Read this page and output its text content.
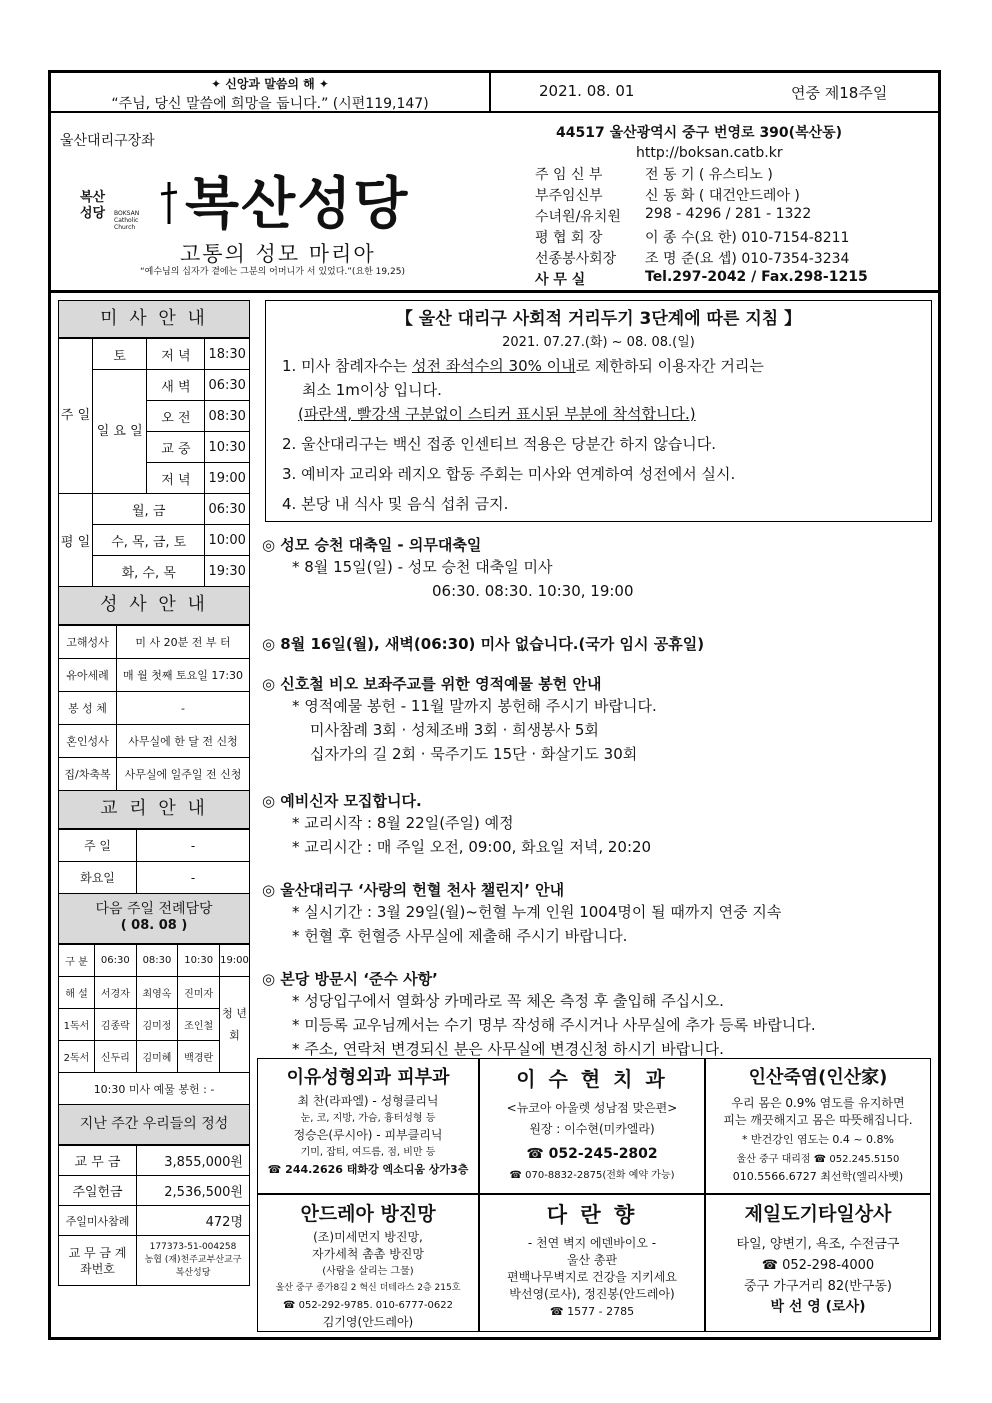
✦ 신앙과 말씀의 해 ✦
“주님, 당신 말씀에 희망을 둡니다.” (시편119,147)
2021. 08. 01	연중 제18주일
울산대리구장좌
복산
성당 BOKSAN Catholic Church 복산성당
고통의 성모 마리아
“예수님의 십자가 곁에는 그분의 어머니가 서 있었다.”(요한 19,25)
44517 울산광역시 중구 번영로 390(복산동)
http://boksan.catb.kr
주 임 신 부	전 동 기 ( 유스티노 )
부주임신부	신 동 화 ( 대건안드레아 )
수녀원/유치원	298 - 4296 / 281 - 1322
평 협 회 장	이 종 수(요 한) 010-7154-8211
선종봉사회장	조 명 준(요 셉) 010-7354-3234
사 무 실	Tel.297-2042 / Fax.298-1215
미 사 안 내
주 일	토	저 녁	18:30
	일 요 일	새 벽	06:30
		오 전	08:30
		교 중	10:30
		저 녁	19:00
평 일	월, 금		06:30
	수, 목, 금, 토		10:00
	화, 수, 목		19:30
성 사 안 내
고해성사	미 사 20분 전 부 터
유아세례	매 월 첫째 토요일 17:30
봉 성 체	-
혼인성사	사무실에 한 달 전 신청
집/차축복	사무실에 일주일 전 신청
교 리 안 내
주 일	-
화요일	-
다음 주일 전례담당
( 08. 08 )
구 분	06:30	08:30	10:30	19:00
해 설	서경자	최영옥	진미자	청 년 회
1독서	김종락	김미정	조인철	
2독서	신두리	김미혜	백경란	
10:30 미사 예물 봉헌 : -				
지난 주간 우리들의 정성
교 무 금	3,855,000원
주일헌금	2,536,500원
주일미사참례	472명
교 무 금 계좌번호	177373-51-004258
농협 (재)천주교부산교구
복산성당
【 울산 대리구 사회적 거리두기 3단계에 따른 지침 】
2021. 07.27.(화) ~ 08. 08.(일)
1. 미사 참례자수는 성전 좌석수의 30% 이내로 제한하되 이용자간 거리는
최소 1m이상 입니다.
(파란색, 빨강색 구분없이 스티커 표시된 부분에 착석합니다.)
2. 울산대리구는 백신 접종 인센티브 적용은 당분간 하지 않습니다.
3. 예비자 교리와 레지오 합동 주회는 미사와 연계하여 성전에서 실시.
4. 본당 내 식사 및 음식 섭취 금지.
◎ 성모 승천 대축일 - 의무대축일
* 8월 15일(일) - 성모 승천 대축일 미사
06:30. 08:30. 10:30, 19:00
◎ 8월 16일(월), 새벽(06:30) 미사 없습니다.(국가 임시 공휴일)
◎ 신호철 비오 보좌주교를 위한 영적예물 봉헌 안내
* 영적예물 봉헌 - 11월 말까지 봉헌해 주시기 바랍니다.
미사참례 3회 · 성체조배 3회 · 희생봉사 5회
십자가의 길 2회 · 묵주기도 15단 · 화살기도 30회
◎ 예비신자 모집합니다.
* 교리시작 : 8월 22일(주일) 예정
* 교리시간 : 매 주일 오전, 09:00, 화요일 저녁, 20:20
◎ 울산대리구 ‘사랑의 헌혈 천사 챌린지’ 안내
* 실시기간 : 3월 29일(월)~헌혈 누계 인원 1004명이 될 때까지 연중 지속
* 헌혈 후 헌혈증 사무실에 제출해 주시기 바랍니다.
◎ 본당 방문시 ‘준수 사항’
* 성당입구에서 열화상 카메라로 꼭 체온 측정 후 출입해 주십시오.
* 미등록 교우님께서는 수기 명부 작성해 주시거나 사무실에 추가 등록 바랍니다.
* 주소, 연락처 변경되신 분은 사무실에 변경신청 하시기 바랍니다.
이유성형외과 피부과
최 찬(라파엘) - 성형클리닉
눈, 코, 지방, 가슴, 흉터성형 등
정승은(루시아) - 피부클리닉
기미, 잡티, 여드름, 점, 비만 등
☎ 244.2626 태화강 엑소디움 상가3층
이 수 현 치 과
<뉴코아 아울렛 성남점 맞은편>
원장 : 이수현(미카엘라)
☎ 052-245-2802
☎ 070-8832-2875(전화 예약 가능)
인산죽염(인산家)
우리 몸은 0.9% 염도를 유지하면
피는 깨끗해지고 몸은 따뜻해집니다.
* 반건강인 염도는 0.4 ~ 0.8%
울산 중구 대리점 ☎ 052.245.5150
010.5566.6727 최선학(엘리사벳)
안드레아 방진망
(조)미세먼지 방진망,
자가세척 촘촘 방진망
(사람을 살리는 그물)
울산 중구 종가8길 2 혁신 더테라스 2층 215호
☎ 052-292-9785. 010-6777-0622
김기영(안드레아)
다 란 향
- 천연 벽지 에덴바이오 -
울산 총판
편백나무벽지로 건강을 지키세요
박선영(로사), 정진봉(안드레아)
☎ 1577 - 2785
제일도기타일상사
타일, 양변기, 욕조, 수전금구
☎ 052-298-4000
중구 가구거리 82(반구동)
박 선 영 (로사)
